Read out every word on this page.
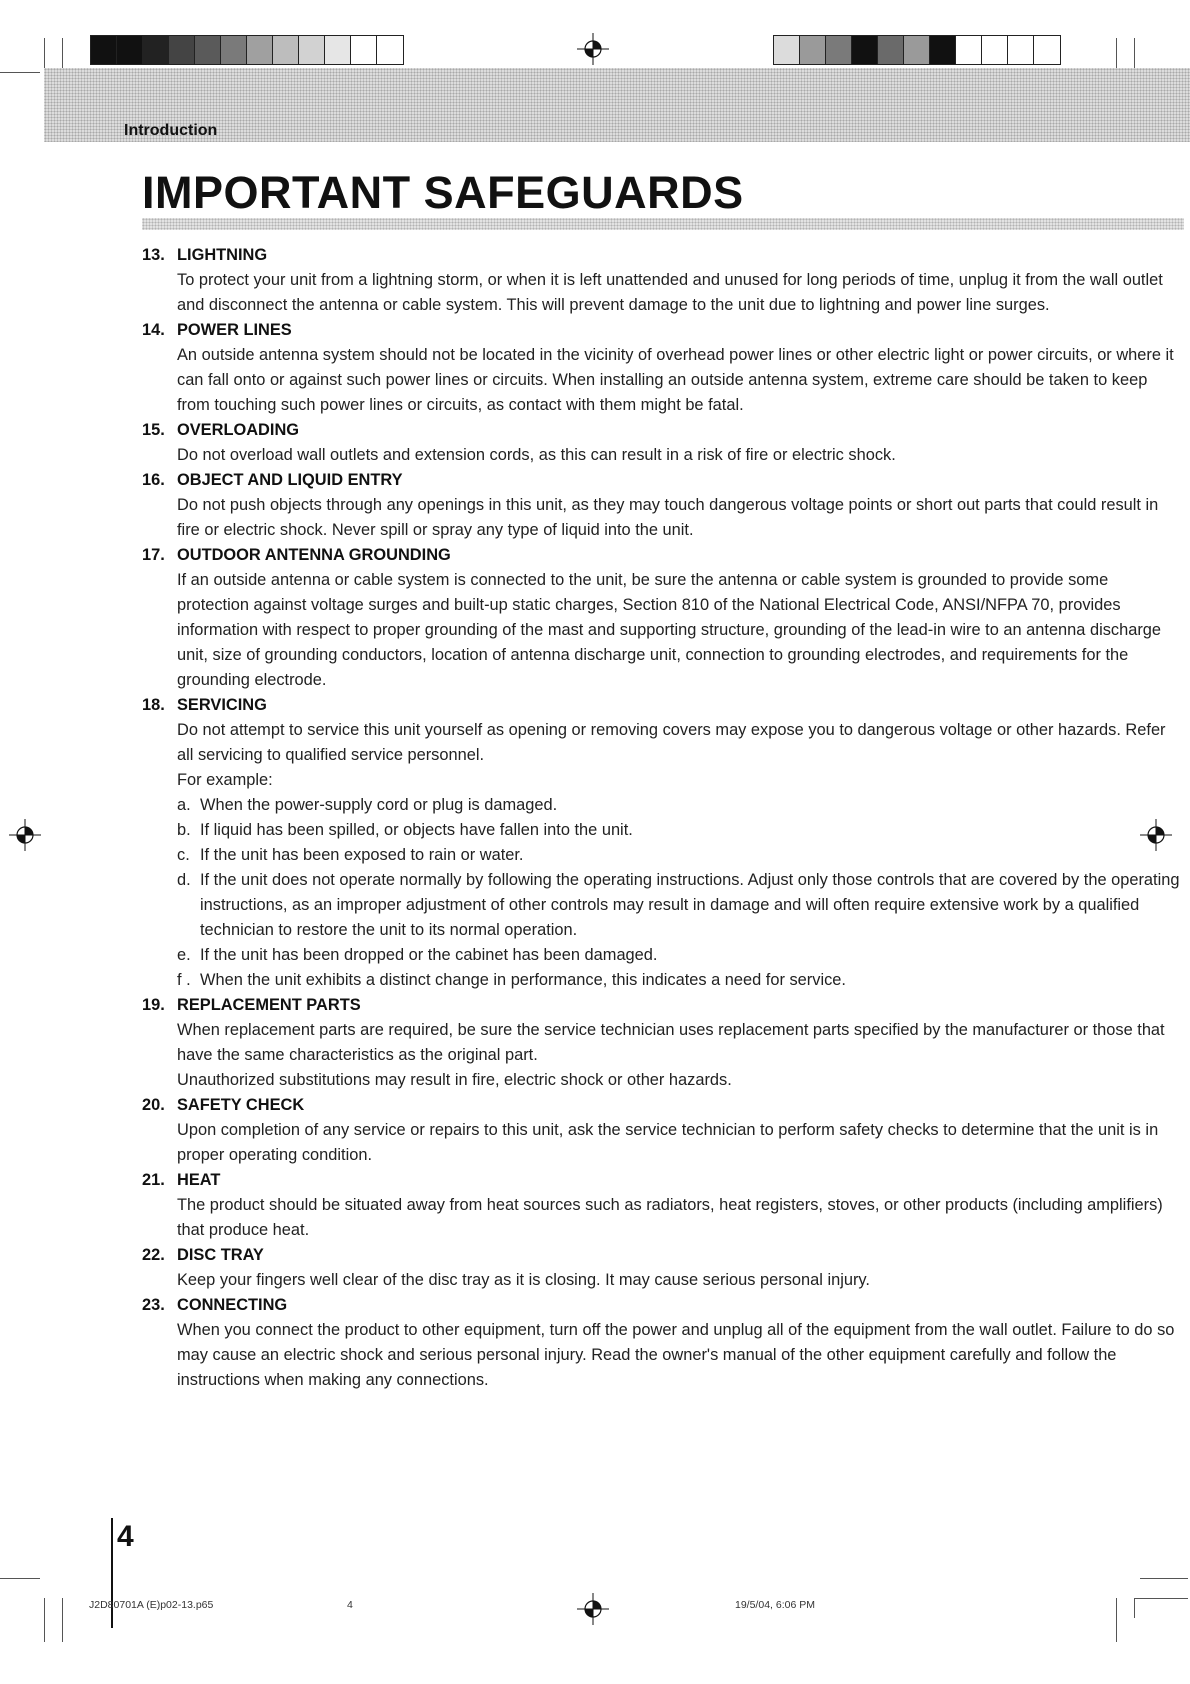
Introduction
IMPORTANT SAFEGUARDS
13. LIGHTNING

To protect your unit from a lightning storm, or when it is left unattended and unused for long periods of time, unplug it from the wall outlet and disconnect the antenna or cable system. This will prevent damage to the unit due to lightning and power line surges.

14. POWER LINES

An outside antenna system should not be located in the vicinity of overhead power lines or other electric light or power circuits, or where it can fall onto or against such power lines or circuits. When installing an outside antenna system, extreme care should be taken to keep from touching such power lines or circuits, as contact with them might be fatal.

15. OVERLOADING

Do not overload wall outlets and extension cords, as this can result in a risk of fire or electric shock.

16. OBJECT AND LIQUID ENTRY

Do not push objects through any openings in this unit, as they may touch dangerous voltage points or short out parts that could result in fire or electric shock. Never spill or spray any type of liquid into the unit.

17. OUTDOOR ANTENNA GROUNDING

If an outside antenna or cable system is connected to the unit, be sure the antenna or cable system is grounded to provide some protection against voltage surges and built-up static charges, Section 810 of the National Electrical Code, ANSI/NFPA 70, provides information with respect to proper grounding of the mast and supporting structure, grounding of the lead-in wire to an antenna discharge unit, size of grounding conductors, location of antenna discharge unit, connection to grounding electrodes, and requirements for the grounding electrode.

18. SERVICING

Do not attempt to service this unit yourself as opening or removing covers may expose you to dangerous voltage or other hazards. Refer all servicing to qualified service personnel.

For example:

a. When the power-supply cord or plug is damaged.
b. If liquid has been spilled, or objects have fallen into the unit.
c. If the unit has been exposed to rain or water.
d. If the unit does not operate normally by following the operating instructions. Adjust only those controls that are covered by the operating instructions, as an improper adjustment of other controls may result in damage and will often require extensive work by a qualified technician to restore the unit to its normal operation.
e. If the unit has been dropped or the cabinet has been damaged.
f . When the unit exhibits a distinct change in performance, this indicates a need for service.
19. REPLACEMENT PARTS

When replacement parts are required, be sure the service technician uses replacement parts specified by the manufacturer or those that have the same characteristics as the original part.

Unauthorized substitutions may result in fire, electric shock or other hazards.

20. SAFETY CHECK

Upon completion of any service or repairs to this unit, ask the service technician to perform safety checks to determine that the unit is in proper operating condition.

21. HEAT

The product should be situated away from heat sources such as radiators, heat registers, stoves, or other products (including amplifiers) that produce heat.

22. DISC TRAY

Keep your fingers well clear of the disc tray as it is closing. It may cause serious personal injury.

23. CONNECTING

When you connect the product to other equipment, turn off the power and unplug all of the equipment from the wall outlet. Failure to do so may cause an electric shock and serious personal injury. Read the owner's manual of the other equipment carefully and follow the instructions when making any connections.

4
J2D80701A (E)p02-13.p65	4	19/5/04, 6:06 PM
